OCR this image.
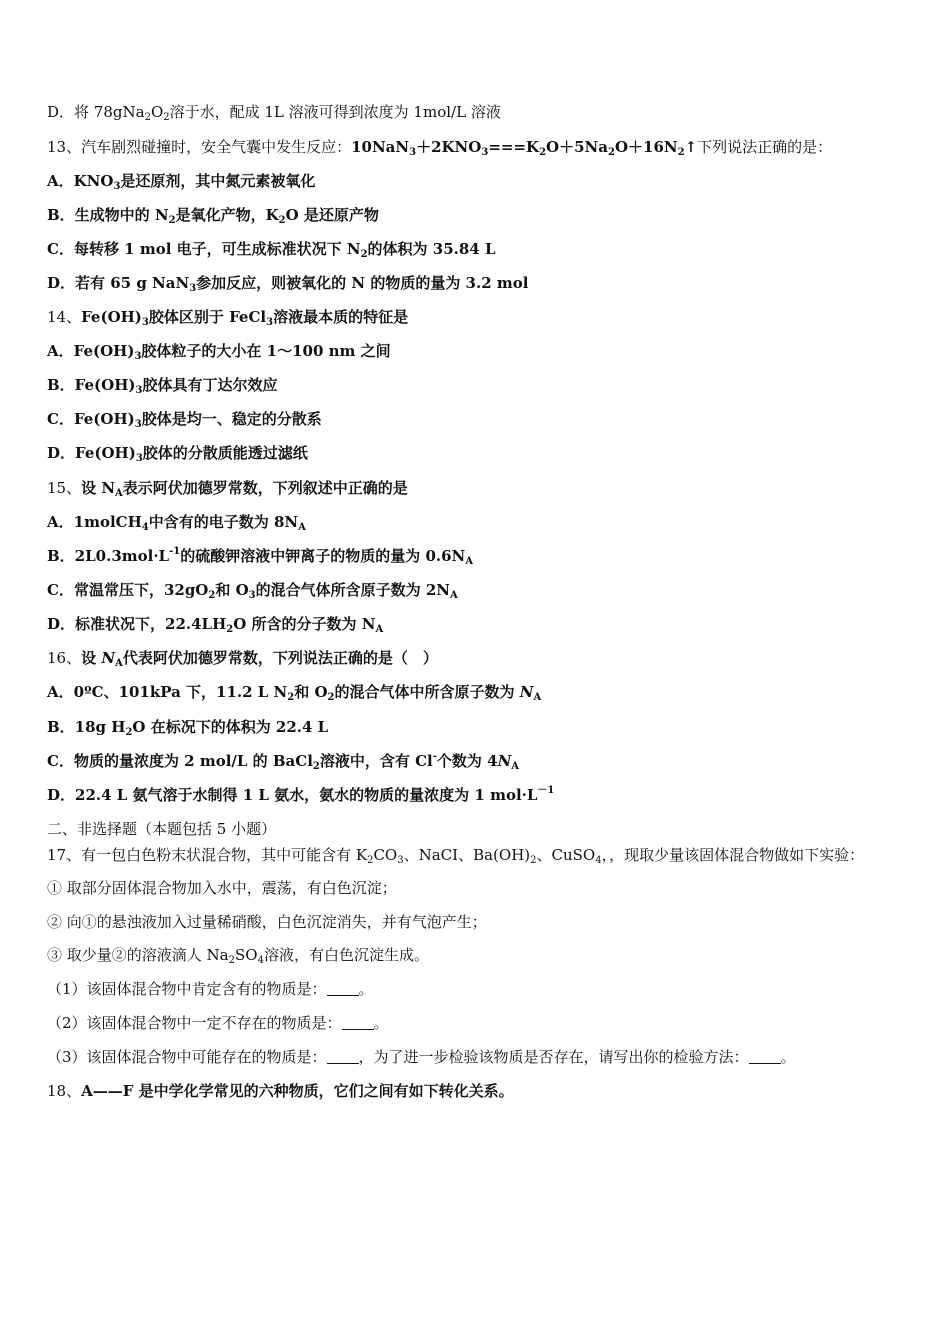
D．将 $78gNa_2O_2$溶于水，配成 1L 溶液可得到浓度为 1mol/L 溶液
13、汽车剧烈碰撞时，安全气囊中发生反应：$10NaN_3+2KNO_3===K_2O+5Na_2O+16N_2↑$下列说法正确的是：
A．$KNO_3$是还原剂，其中氮元素被氧化
B．生成物中的 $N_2$是氧化产物，$K_2O$ 是还原产物
C．每转移 1 mol 电子，可生成标准状况下 $N_2$的体积为 35.84 L
D．若有 65 g NaN$_3$参加反应，则被氧化的 N 的物质的量为 3.2 mol
14、$Fe(OH)_3$胶体区别于 FeCl$_3$溶液最本质的特征是
A．$Fe(OH)_3$胶体粒子的大小在 1～100 nm 之间
B．$Fe(OH)_3$胶体具有丁达尔效应
C．$Fe(OH)_3$胶体是均一、稳定的分散系
D．$Fe(OH)_3$胶体的分散质能透过滤纸
15、设 $N_A$表示阿伏加德罗常数，下列叙述中正确的是
A．1molCH$_4$中含有的电子数为 $8N_A$
B．$2L0.3mol\cdot L^{-1}$的硫酸钾溶液中钾离子的物质的量为 $0.6N_A$
C．常温常压下，$32gO_2$和 $O_3$的混合气体所含原子数为 $2N_A$
D．标准状况下，$22.4LH_2O$ 所含的分子数为 $N_A$
16、设 $N_A$代表阿伏加德罗常数，下列说法正确的是（　）
A．0ºC、101kPa 下，11.2 L $N_2$和 $O_2$的混合气体中所含原子数为 $N_A$
B．18g $H_2O$ 在标况下的体积为 22.4 L
C．物质的量浓度为 2 mol/L 的 BaCl$_2$溶液中，含有 Cl-个数为 $4N_A$
D．22.4 L 氨气溶于水制得 1 L 氨水，氨水的物质的量浓度为 1 $mol\cdot L^{-1}$
二、非选择题（本题包括 5 小题）
17、有一包白色粉末状混合物，其中可能含有 $K_2CO_3$、NaCI、$Ba(OH)_2$、CuSO$_4$，，现取少量该固体混合物做如下实验：
① 取部分固体混合物加入水中，震荡，有白色沉淀；
② 向①的悬浊液加入过量稀硝酸，白色沉淀消失，并有气泡产生；
③ 取少量②的溶液滴人 $Na_2SO_4$溶液，有白色沉淀生成。
（1）该固体混合物中肯定含有的物质是： 。
（2）该固体混合物中一定不存在的物质是： 。
（3）该固体混合物中可能存在的物质是： ，为了进一步检验该物质是否存在，请写出你的检验方法： 。
18、A——F 是中学化学常见的六种物质，它们之间有如下转化关系。
